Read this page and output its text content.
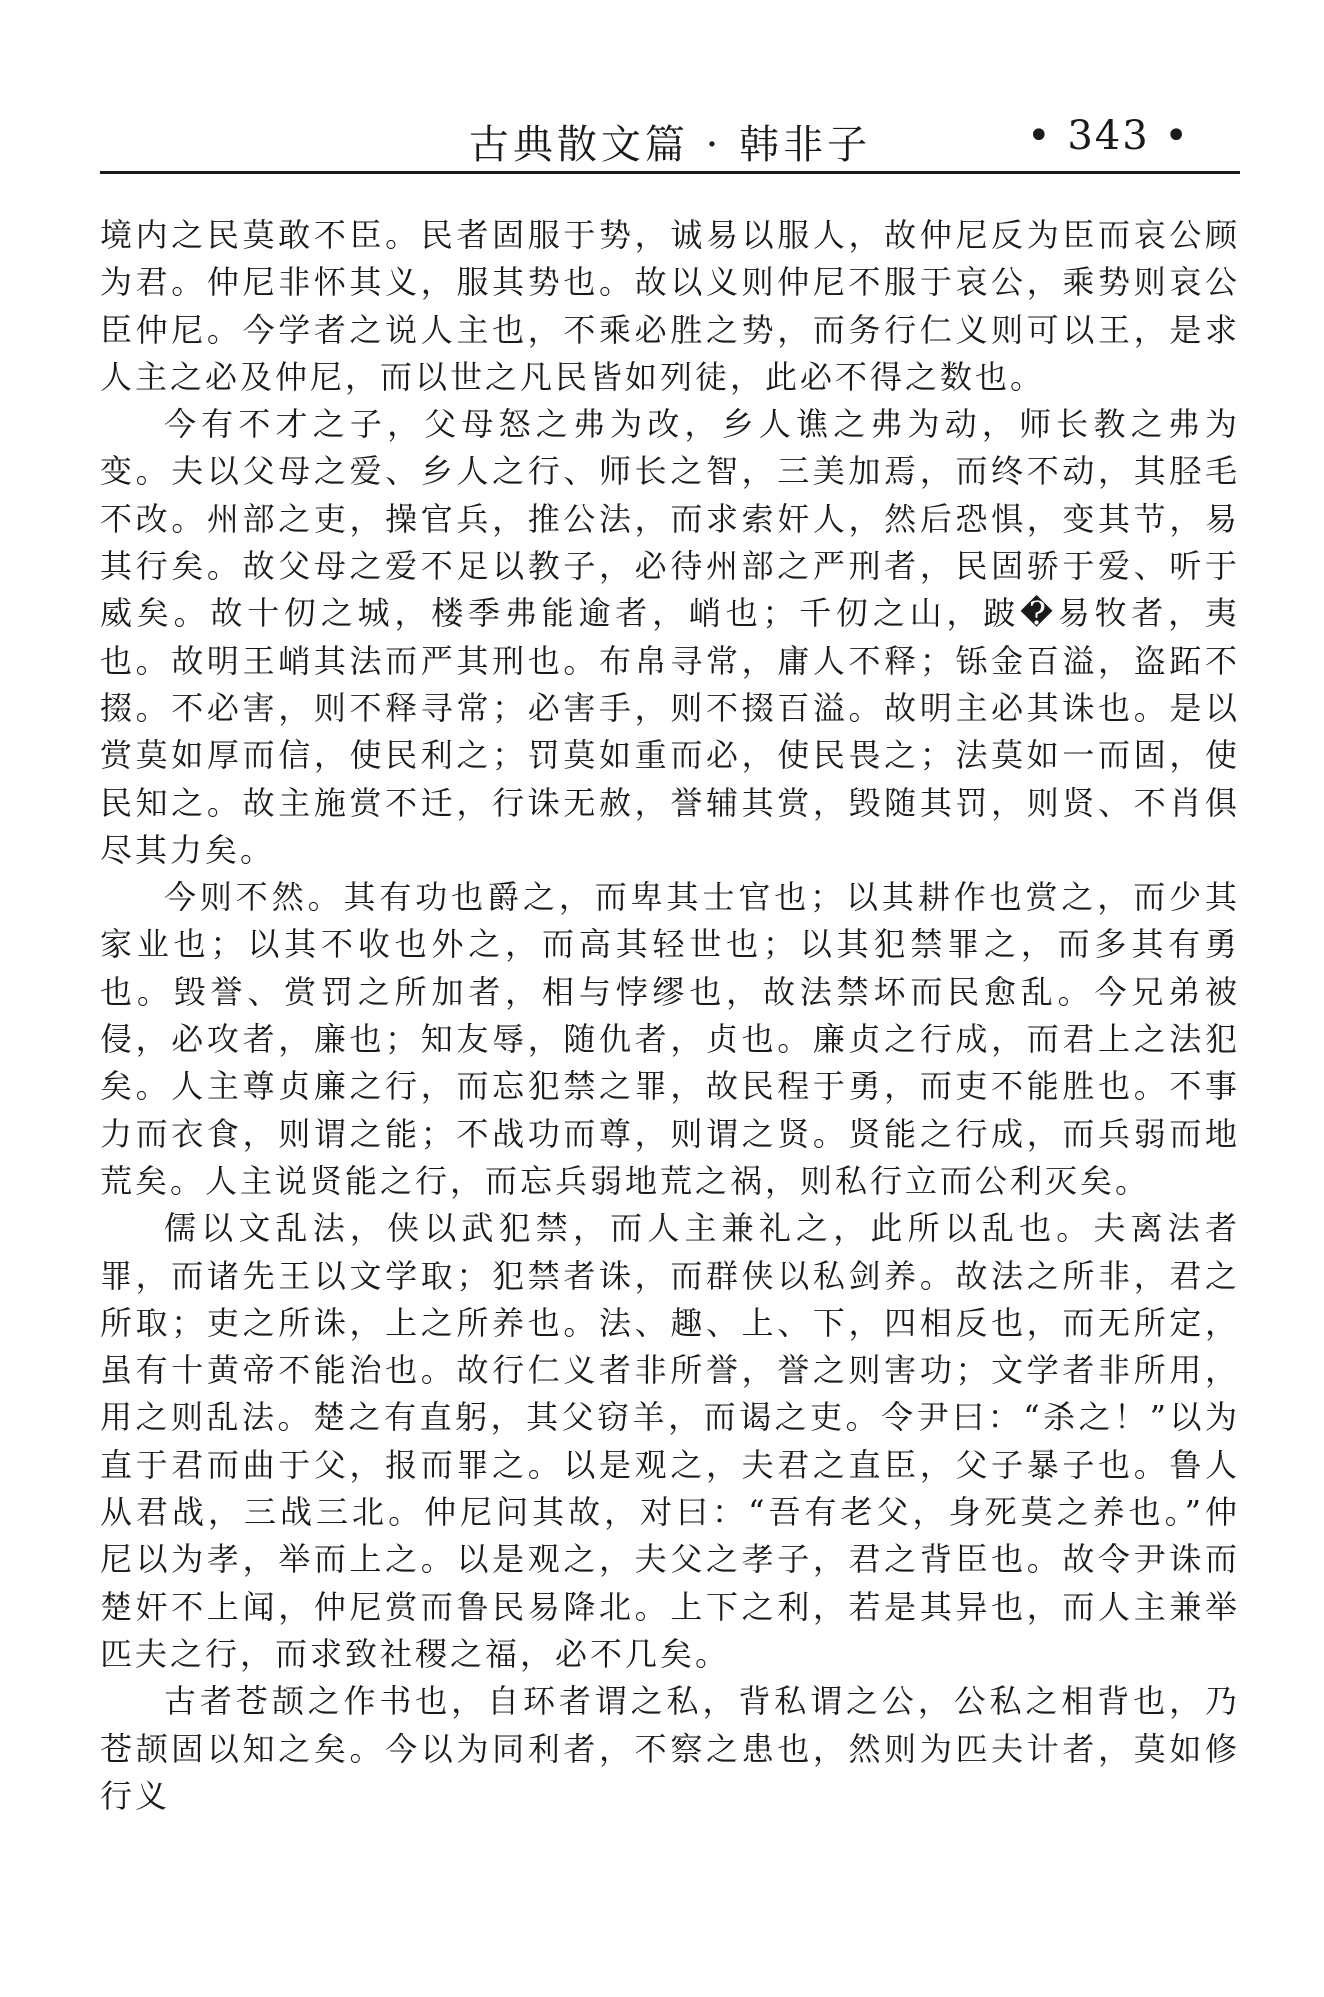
古典散文篇 · 韩非子	• 343 •

境内之民莫敢不臣。民者固服于势，诚易以服人，故仲尼反为臣而哀公顾为君。仲尼非怀其义，服其势也。故以义则仲尼不服于哀公，乘势则哀公臣仲尼。今学者之说人主也，不乘必胜之势，而务行仁义则可以王，是求人主之必及仲尼，而以世之凡民皆如列徒，此必不得之数也。

今有不才之子，父母怒之弗为改，乡人谯之弗为动，师长教之弗为变。夫以父母之爱、乡人之行、师长之智，三美加焉，而终不动，其胫毛不改。州部之吏，操官兵，推公法，而求索奸人，然后恐惧，变其节，易其行矣。故父母之爱不足以教子，必待州部之严刑者，民固骄于爱、听于威矣。故十仞之城，楼季弗能逾者，峭也；千仞之山，跛�易牧者，夷也。故明王峭其法而严其刑也。布帛寻常，庸人不释；铄金百溢，盗跖不掇。不必害，则不释寻常；必害手，则不掇百溢。故明主必其诛也。是以赏莫如厚而信，使民利之；罚莫如重而必，使民畏之；法莫如一而固，使民知之。故主施赏不迁，行诛无赦，誉辅其赏，毁随其罚，则贤、不肖俱尽其力矣。

今则不然。其有功也爵之，而卑其士官也；以其耕作也赏之，而少其家业也；以其不收也外之，而高其轻世也；以其犯禁罪之，而多其有勇也。毁誉、赏罚之所加者，相与悖缪也，故法禁坏而民愈乱。今兄弟被侵，必攻者，廉也；知友辱，随仇者，贞也。廉贞之行成，而君上之法犯矣。人主尊贞廉之行，而忘犯禁之罪，故民程于勇，而吏不能胜也。不事力而衣食，则谓之能；不战功而尊，则谓之贤。贤能之行成，而兵弱而地荒矣。人主说贤能之行，而忘兵弱地荒之祸，则私行立而公利灭矣。

儒以文乱法，侠以武犯禁，而人主兼礼之，此所以乱也。夫离法者罪，而诸先王以文学取；犯禁者诛，而群侠以私剑养。故法之所非，君之所取；吏之所诛，上之所养也。法、趣、上、下，四相反也，而无所定，虽有十黄帝不能治也。故行仁义者非所誉，誉之则害功；文学者非所用，用之则乱法。楚之有直躬，其父窃羊，而谒之吏。令尹曰：“杀之！”以为直于君而曲于父，报而罪之。以是观之，夫君之直臣，父子暴子也。鲁人从君战，三战三北。仲尼问其故，对曰：“吾有老父，身死莫之养也。”仲尼以为孝，举而上之。以是观之，夫父之孝子，君之背臣也。故令尹诛而楚奸不上闻，仲尼赏而鲁民易降北。上下之利，若是其异也，而人主兼举匹夫之行，而求致社稷之福，必不几矣。

古者苍颉之作书也，自环者谓之私，背私谓之公，公私之相背也，乃苍颉固以知之矣。今以为同利者，不察之患也，然则为匹夫计者，莫如修行义
